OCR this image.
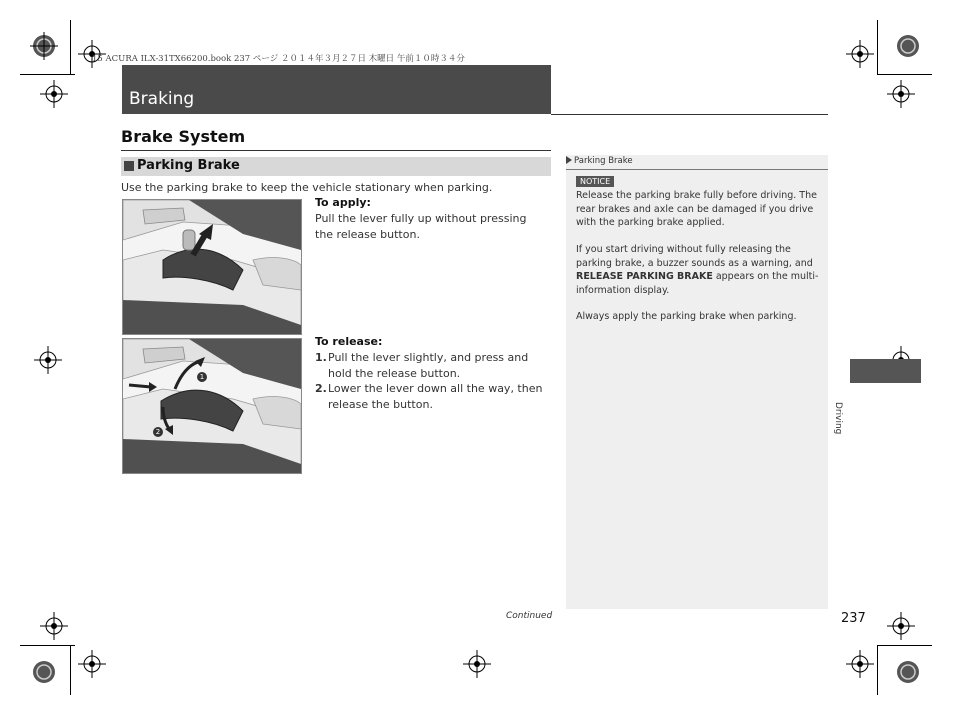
15 ACURA ILX-31TX66200.book 237 ページ ２０１４年３月２７日 木曜日 午前１０時３４分
Braking
Brake System
Parking Brake
Use the parking brake to keep the vehicle stationary when parking.
To apply:
Pull the lever fully up without pressing the release button.
1
2
To release:
1. Pull the lever slightly, and press and hold the release button.
2. Lower the lever down all the way, then release the button.
Parking Brake
NOTICE
Release the parking brake fully before driving. The rear brakes and axle can be damaged if you drive with the parking brake applied.
If you start driving without fully releasing the parking brake, a buzzer sounds as a warning, and RELEASE PARKING BRAKE appears on the multi-information display.
Always apply the parking brake when parking.
Continued	237
Driving
